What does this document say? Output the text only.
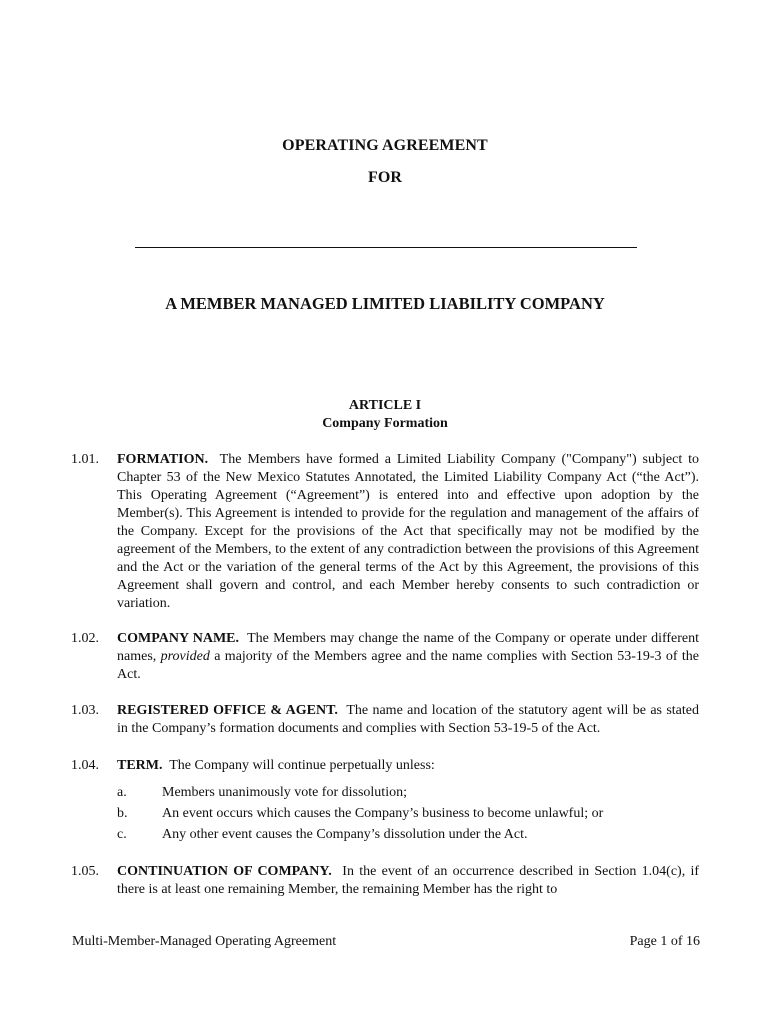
OPERATING AGREEMENT
FOR
A MEMBER MANAGED LIMITED LIABILITY COMPANY
ARTICLE I
Company Formation
1.01. FORMATION. The Members have formed a Limited Liability Company ("Company") subject to Chapter 53 of the New Mexico Statutes Annotated, the Limited Liability Company Act (“the Act”). This Operating Agreement (“Agreement”) is entered into and effective upon adoption by the Member(s). This Agreement is intended to provide for the regulation and management of the affairs of the Company. Except for the provisions of the Act that specifically may not be modified by the agreement of the Members, to the extent of any contradiction between the provisions of this Agreement and the Act or the variation of the general terms of the Act by this Agreement, the provisions of this Agreement shall govern and control, and each Member hereby consents to such contradiction or variation.
1.02. COMPANY NAME. The Members may change the name of the Company or operate under different names, provided a majority of the Members agree and the name complies with Section 53-19-3 of the Act.
1.03. REGISTERED OFFICE & AGENT. The name and location of the statutory agent will be as stated in the Company’s formation documents and complies with Section 53-19-5 of the Act.
1.04. TERM. The Company will continue perpetually unless:
a.	Members unanimously vote for dissolution;
b. An event occurs which causes the Company’s business to become unlawful; or
c.	Any other event causes the Company’s dissolution under the Act.
1.05. CONTINUATION OF COMPANY. In the event of an occurrence described in Section 1.04(c), if there is at least one remaining Member, the remaining Member has the right to
Multi-Member-Managed Operating Agreement	Page 1 of 16
